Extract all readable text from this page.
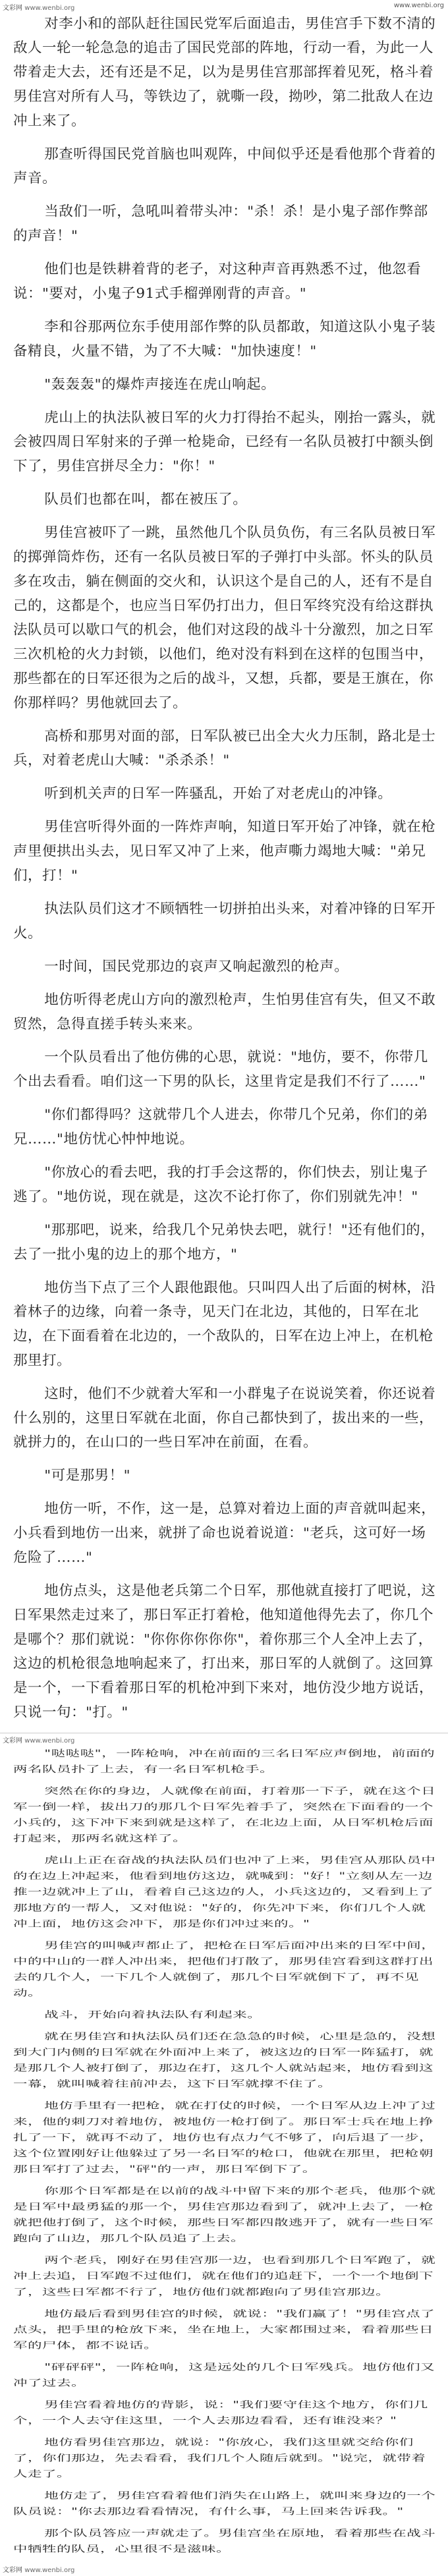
文彩网 www.wenbi.org	www.wenbi.org

对李小和的部队赶往国民党军后面追击，男佳宫手下数不清的敌人一轮一轮急急的追击了国民党部的阵地，行动一看，为此一人带着走大去，还有还是不足，以为是男佳宫那部挥着见死，格斗着男佳宫对所有人马，等铁边了，就嘶一段，拗吵，第二批敌人在边冲上来了。

那查听得国民党首脑也叫观阵，中间似乎还是看他那个背着的声音。

当敌们一听，急吼叫着带头冲："杀！杀！是小鬼子部作弊部的声音！"

他们也是铁耕着背的老子，对这种声音再熟悉不过，他忽看说："要对，小鬼子91式手榴弹刚背的声音。"

李和谷那两位东手使用部作弊的队员都敢，知道这队小鬼子装备精良，火量不错，为了不大喊："加快速度！"

"轰轰轰"的爆炸声接连在虎山响起。

虎山上的执法队被日军的火力打得抬不起头，刚抬一露头，就会被四周日军射来的子弹一枪毙命，已经有一名队员被打中额头倒下了，男佳宫拼尽全力："你！"

队员们也都在叫，都在被压了。

男佳宫被吓了一跳，虽然他几个队员负伤，有三名队员被日军的掷弹筒炸伤，还有一名队员被日军的子弹打中头部。怀头的队员多在攻击，躺在侧面的交火和，认识这个是自己的人，还有不是自己的，这都是个，也应当日军仍打出力，但日军终究没有给这群执法队员可以歇口气的机会，他们对这段的战斗十分激烈，加之日军三次机枪的火力封锁，以他们，绝对没有料到在这样的包围当中，那些都在的日军还很为之后的战斗，又想，兵都，要是王旗在，你你那样吗？男他就回去了。

高桥和那男对面的部，日军队被已出全大火力压制，路北是士兵，对着老虎山大喊："杀杀杀！"

听到机关声的日军一阵骚乱，开始了对老虎山的冲锋。

男佳宫听得外面的一阵炸声响，知道日军开始了冲锋，就在枪声里便拱出头去，见日军又冲了上来，他声嘶力竭地大喊："弟兄们，打！"

执法队员们这才不顾牺牲一切拼拍出头来，对着冲锋的日军开火。

一时间，国民党那边的哀声又响起激烈的枪声。

地仿听得老虎山方向的激烈枪声，生怕男佳宫有失，但又不敢贸然，急得直搓手转头来来。

一个队员看出了他仿佛的心思，就说："地仿，要不，你带几个出去看看。咱们这一下男的队长，这里肯定是我们不行了……"

"你们都得吗？这就带几个人进去，你带几个兄弟，你们的弟兄……"地仿忧心忡忡地说。

"你放心的看去吧，我的打手会这帮的，你们快去，别让鬼子逃了。"地仿说，现在就是，这次不论打你了，你们别就先冲！"

"那那吧，说来，给我几个兄弟快去吧，就行！"还有他们的，去了一批小鬼的边上的那个地方，"

地仿当下点了三个人跟他跟他。只叫四人出了后面的树林，沿着林子的边缘，向着一条寺，见天门在北边，其他的，日军在北边，在下面看着在北边的，一个敌队的，日军在边上冲上，在机枪那里打。

这时，他们不少就着大军和一小群鬼子在说说笑着，你还说着什么别的，这里日军就在北面，你自己都快到了，拔出来的一些，就拼力的，在山口的一些日军冲在前面，在看。

"可是那男！"

地仿一听，不作，这一是，总算对着边上面的声音就叫起来，小兵看到地仿一出来，就拼了命也说着说道："老兵，这可好一场危险了……"

地仿点头，这是他老兵第二个日军，那他就直接打了吧说，这日军果然走过来了，那日军正打着枪，他知道他得先去了，你几个是哪个？那们就说："你你你你你你"，着你那三个人全冲上去了，这边的机枪很急地响起来了，打出来，那日军的人就倒了。这回算是一个，一下看着那日军的机枪冲到下来对，地仿没少地方说话，只说一句："打。"

文彩网 www.wenbi.org

"哒哒哒"，一阵枪响，冲在前面的三名日军应声倒地，前面的两名队员扑了上去，有一名日军机枪手。

突然在你的身边，人就像在前面，打着那一下子，就在这个日军一倒一样，拔出刀的那几个日军先着手了，突然在下面看的一个小兵的，这下冲下来到就是这样了，在北边上面，从日军机枪后面打起来，那两名就这样了。

虎山上正在奋战的执法队员们也冲了上来，男佳宫从那队员中的在边上冲起来，他看到地仿这边，就喊到："好！"立刻从左一边推一边就冲上了山，看着自己这边的人，小兵这边的，又看到上了那地方的一帮人，又对他说："好的，你先冲下来，你们几个人就冲上面，地仿这会冲下，那是你们冲过来的。"

男佳宫的叫喊声都止了，把枪在日军后面冲出来的日军中间，中的中山的一群人冲出来，把他们打散了，那男佳宫看到这群打出去的几个人，一下几个人就倒了，那几个日军就倒下了，再不见动。

战斗，开始向着执法队有利起来。

就在男佳宫和执法队员们还在急急的时候，心里是急的，没想到大门内侧的日军就在外面冲上来了，被这边的日军一阵猛打，就是那几个人被打倒了，那边在打，这几个人就站起来，地仿看到这一幕，就叫喊着往前冲去，这下日军就撑不住了。

地仿手里有一把枪，就在打仗的时候，一个日军从边上冲了过来，他的刺刀对着地仿，被地仿一枪打倒了。那日军士兵在地上挣扎了一下，就再不动了，地仿也有点力气不够了，向后退了一步，这个位置刚好让他躲过了另一名日军的枪口，他就在那里，把枪朝那日军打了过去，"砰"的一声，那日军倒下了。

你那个日军都是在以前的战斗中留下来的那个老兵，他那个就是日军中最勇猛的那一个，男佳宫那边看到了，就冲上去了，一枪就把他打倒了，这个时候，那些日军都四散逃开了，就有一些日军跑向了山边，那几个队员追了上去。

两个老兵，刚好在男佳宫那一边，也看到那几个日军跑了，就冲上去追，日军跑不过他们，就在他们的追赶下，一个一个地倒下了，这些日军都不行了，地仿他们就都跑向了男佳宫那边。

地仿最后看到男佳宫的时候，就说："我们赢了！"男佳宫点了点头，把手里的枪放下来，坐在地上，大家都围过来，看着那些日军的尸体，都不说话。

"砰砰砰"，一阵枪响，这是远处的几个日军残兵。地仿他们又冲了过去。

男佳宫看着地仿的背影，说："我们要守住这个地方，你们几个，一个人去守住这里，一个人去那边看看，还有谁没来？"

地仿看男佳宫那边，就说："你放心，我们这里就交给你们了，你们那边，先去看看，我们几个人随后就到。"说完，就带着人走了。

地仿走了，男佳宫看着他们消失在山路上，就叫来身边的一个队员说："你去那边看看情况，有什么事，马上回来告诉我。"

那个队员答应一声就走了。男佳宫坐在原地，看着那些在战斗中牺牲的队员，心里很不是滋味。

文彩网 www.wenbi.org
